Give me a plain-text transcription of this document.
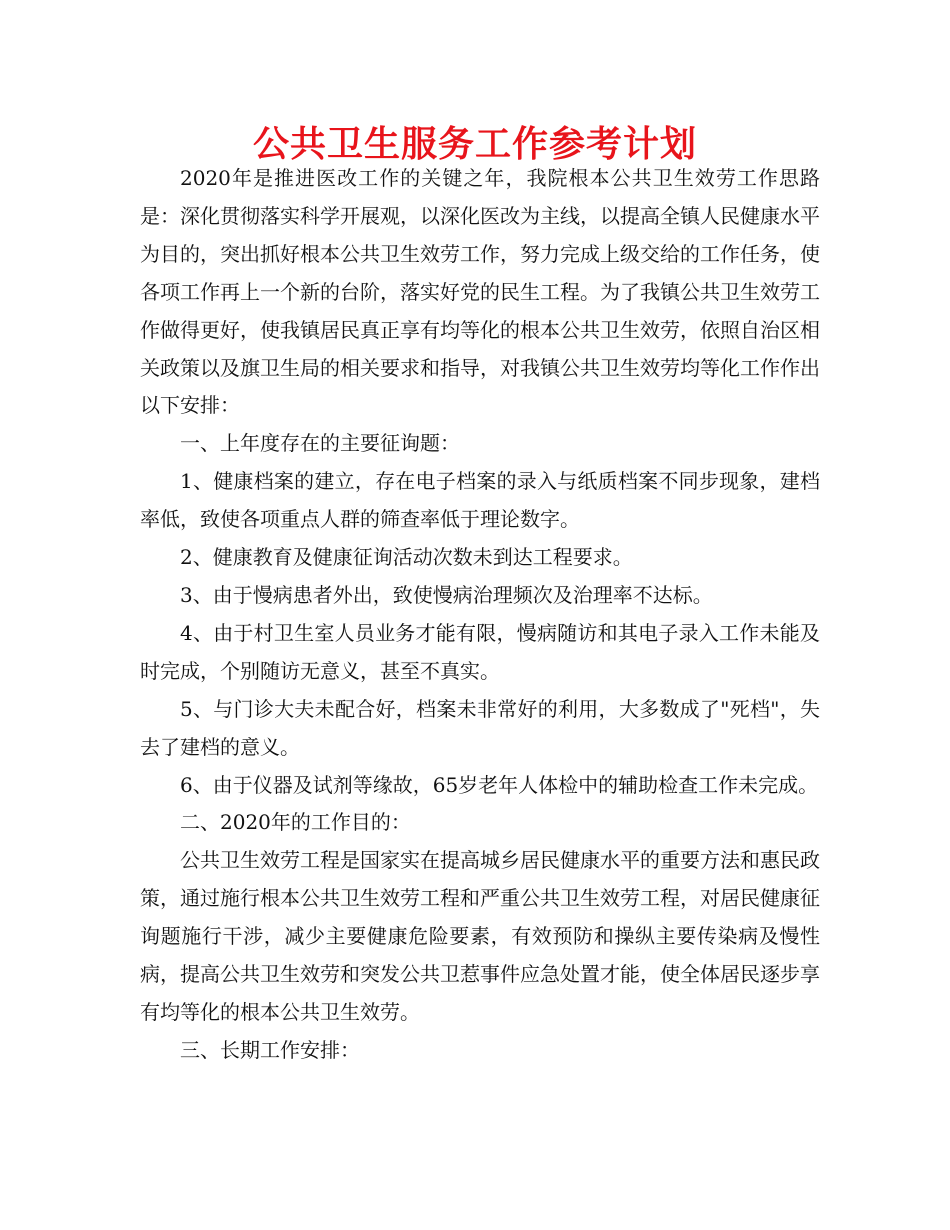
公共卫生服务工作参考计划

2020年是推进医改工作的关键之年，我院根本公共卫生效劳工作思路是：深化贯彻落实科学开展观，以深化医改为主线，以提高全镇人民健康水平为目的，突出抓好根本公共卫生效劳工作，努力完成上级交给的工作任务，使各项工作再上一个新的台阶，落实好党的民生工程。为了我镇公共卫生效劳工作做得更好，使我镇居民真正享有均等化的根本公共卫生效劳，依照自治区相关政策以及旗卫生局的相关要求和指导，对我镇公共卫生效劳均等化工作作出以下安排：

一、上年度存在的主要征询题：

1、健康档案的建立，存在电子档案的录入与纸质档案不同步现象，建档率低，致使各项重点人群的筛查率低于理论数字。

2、健康教育及健康征询活动次数未到达工程要求。

3、由于慢病患者外出，致使慢病治理频次及治理率不达标。

4、由于村卫生室人员业务才能有限，慢病随访和其电子录入工作未能及时完成，个别随访无意义，甚至不真实。

5、与门诊大夫未配合好，档案未非常好的利用，大多数成了"死档"，失去了建档的意义。

6、由于仪器及试剂等缘故，65岁老年人体检中的辅助检查工作未完成。

二、2020年的工作目的：

公共卫生效劳工程是国家实在提高城乡居民健康水平的重要方法和惠民政策，通过施行根本公共卫生效劳工程和严重公共卫生效劳工程，对居民健康征询题施行干涉，减少主要健康危险要素，有效预防和操纵主要传染病及慢性病，提高公共卫生效劳和突发公共卫惹事件应急处置才能，使全体居民逐步享有均等化的根本公共卫生效劳。

三、长期工作安排：
